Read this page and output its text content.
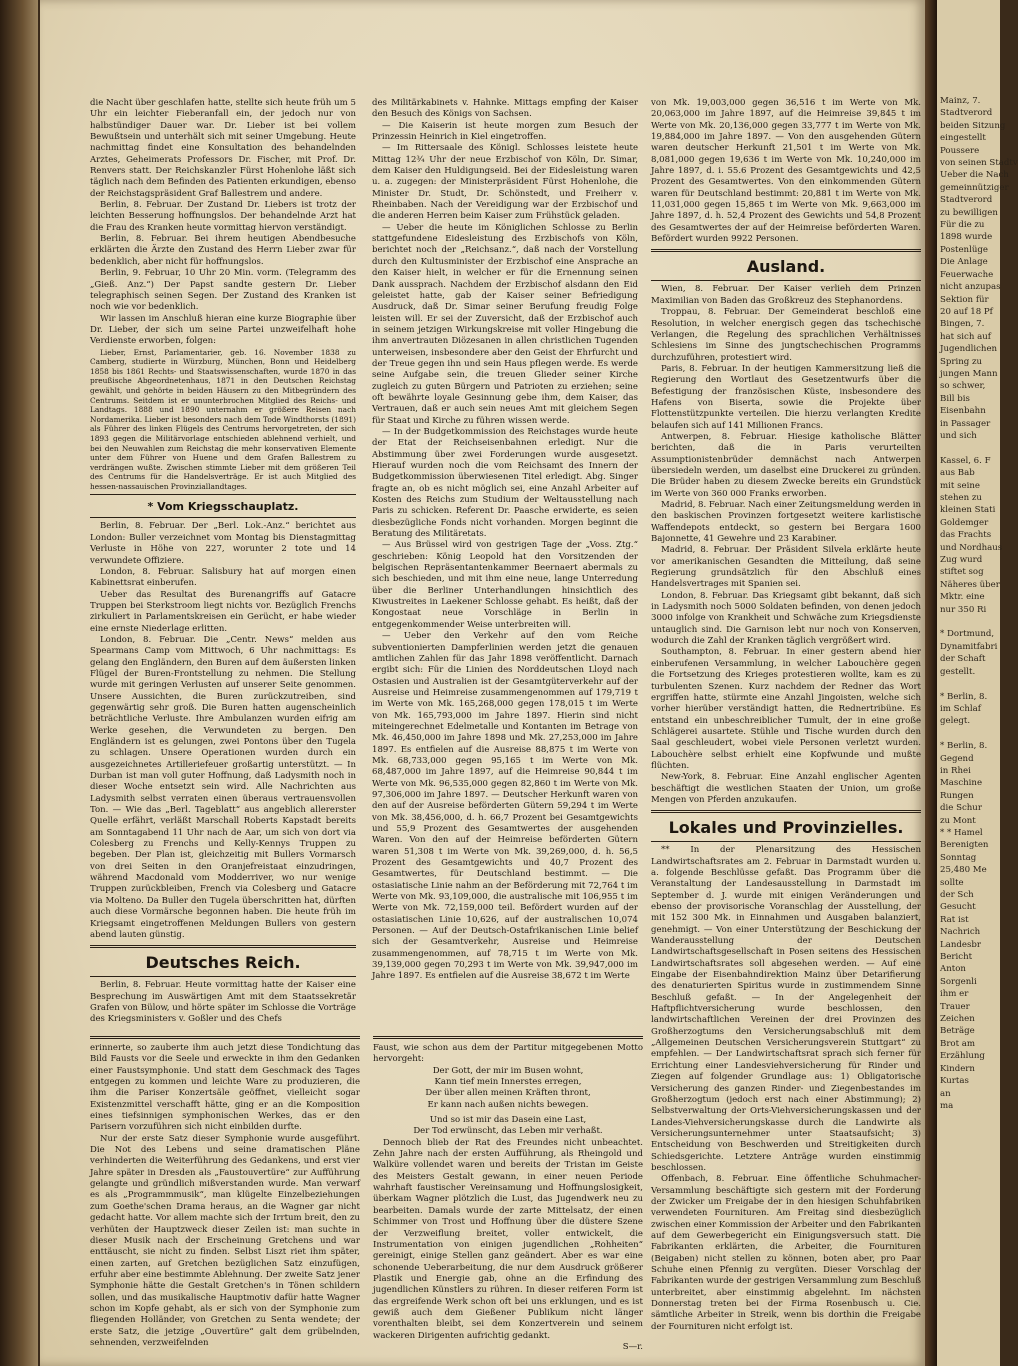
die Nacht über geschlafen hatte, stellte sich heute früh um 5 Uhr ein leichter Fieberanfall ein, der jedoch nur von halbstündiger Dauer war. Dr. Lieber ist bei vollem Bewußtsein und unterhält sich mit seiner Umgebung. Heute nachmittag findet eine Konsultation des behandelnden Arztes, Geheimerats Professors Dr. Fischer, mit Prof. Dr. Renvers statt. Der Reichskanzler Fürst Hohenlohe läßt sich täglich nach dem Befinden des Patienten erkundigen, ebenso der Reichstagspräsident Graf Ballestrem und andere.

Berlin, 8. Februar. Der Zustand Dr. Liebers ist trotz der leichten Besserung hoffnungslos. Der behandelnde Arzt hat die Frau des Kranken heute vormittag hiervon verständigt.

Berlin, 8. Februar. Bei ihrem heutigen Abendbesuche erklärten die Ärzte den Zustand des Herrn Lieber zwar für bedenklich, aber nicht für hoffnungslos.

Berlin, 9. Februar, 10 Uhr 20 Min. vorm. (Telegramm des „Gieß. Anz.“) Der Papst sandte gestern Dr. Lieber telegraphisch seinen Segen. Der Zustand des Kranken ist noch wie vor bedenklich.

Wir lassen im Anschluß hieran eine kurze Biographie über Dr. Lieber, der sich um seine Partei unzweifelhaft hohe Verdienste erworben, folgen:

Lieber, Ernst, Parlamentarier, geb. 16. November 1838 zu Camberg, studierte in Würzburg, München, Bonn und Heidelberg 1858 bis 1861 Rechts- und Staatswissenschaften, wurde 1870 in das preußische Abgeordnetenhaus, 1871 in den Deutschen Reichstag gewählt, und gehörte in beiden Häusern zu den Mitbegründern des Centrums. Seitdem ist er ununterbrochen Mitglied des Reichs- und Landtags. 1888 und 1890 unternahm er größere Reisen nach Nordamerika. Lieber ist besonders nach dem Tode Windthorsts (1891) als Führer des linken Flügels des Centrums hervorgetreten, der sich 1893 gegen die Militärvorlage entschieden ablehnend verhielt, und bei den Neuwahlen zum Reichstag die mehr konservativen Elemente unter dem Führer von Huene und dem Grafen Ballestrem zu verdrängen wußte. Zwischen stimmte Lieber mit dem größeren Teil des Centrums für die Handelsverträge. Er ist auch Mitglied des hessen-nassauischen Provinziallandtages.

* Vom Kriegsschauplatz.

Berlin, 8. Februar. Der „Berl. Lok.-Anz.“ berichtet aus London: Buller verzeichnet vom Montag bis Dienstagmittag Verluste in Höhe von 227, worunter 2 tote und 14 verwundete Offiziere.

London, 8. Februar. Salisbury hat auf morgen einen Kabinettsrat einberufen.

Ueber das Resultat des Burenangriffs auf Gatacre Truppen bei Sterkstroom liegt nichts vor. Bezüglich Frenchs zirkuliert in Parlamentskreisen ein Gerücht, er habe wieder eine ernste Niederlage erlitten.

London, 8. Februar. Die „Centr. News“ melden aus Spearmans Camp vom Mittwoch, 6 Uhr nachmittags: Es gelang den Engländern, den Buren auf dem äußersten linken Flügel der Buren-Frontstellung zu nehmen. Die Stellung wurde mit geringen Verlusten auf unserer Seite genommen. Unsere Aussichten, die Buren zurückzutreiben, sind gegenwärtig sehr groß. Die Buren hatten augenscheinlich beträchtliche Verluste. Ihre Ambulanzen wurden eifrig am Werke gesehen, die Verwundeten zu bergen. Den Engländern ist es gelungen, zwei Pontons über den Tugela zu schlagen. Unsere Operationen wurden durch ein ausgezeichnetes Artilleriefeuer großartig unterstützt. — In Durban ist man voll guter Hoffnung, daß Ladysmith noch in dieser Woche entsetzt sein wird. Alle Nachrichten aus Ladysmith selbst verraten einen überaus vertrauensvollen Ton. — Wie das „Berl. Tageblatt“ aus angeblich allererster Quelle erfährt, verläßt Marschall Roberts Kapstadt bereits am Sonntagabend 11 Uhr nach de Aar, um sich von dort via Colesberg zu Frenchs und Kelly-Kennys Truppen zu begeben. Der Plan ist, gleichzeitig mit Bullers Vormarsch von drei Seiten in den Oranjefreistaat einzudringen, während Macdonald vom Modderriver, wo nur wenige Truppen zurückbleiben, French via Colesberg und Gatacre via Molteno. Da Buller den Tugela überschritten hat, dürften auch diese Vormärsche begonnen haben. Die heute früh im Kriegsamt eingetroffenen Meldungen Bullers von gestern abend lauten günstig.

Deutsches Reich.

Berlin, 8. Februar. Heute vormittag hatte der Kaiser eine Besprechung im Auswärtigen Amt mit dem Staatssekretär Grafen von Bülow, und hörte später im Schlosse die Vorträge des Kriegsministers v. Goßler und des Chefs

des Militärkabinets v. Hahnke. Mittags empfing der Kaiser den Besuch des Königs von Sachsen.

— Die Kaiserin ist heute morgen zum Besuch der Prinzessin Heinrich in Kiel eingetroffen.

— Im Rittersaale des Königl. Schlosses leistete heute Mittag 12¾ Uhr der neue Erzbischof von Köln, Dr. Simar, dem Kaiser den Huldigungseid. Bei der Eidesleistung waren u. a. zugegen: der Ministerpräsident Fürst Hohenlohe, die Minister Dr. Studt, Dr. Schönstedt, und Freiherr v. Rheinbaben. Nach der Vereidigung war der Erzbischof und die anderen Herren beim Kaiser zum Frühstück geladen.

— Ueber die heute im Königlichen Schlosse zu Berlin stattgefundene Eidesleistung des Erzbischofs von Köln, berichtet noch der „Reichsanz.“, daß nach der Vorstellung durch den Kultusminister der Erzbischof eine Ansprache an den Kaiser hielt, in welcher er für die Ernennung seinen Dank aussprach. Nachdem der Erzbischof alsdann den Eid geleistet hatte, gab der Kaiser seiner Befriedigung Ausdruck, daß Dr. Simar seiner Berufung freudig Folge leisten will. Er sei der Zuversicht, daß der Erzbischof auch in seinem jetzigen Wirkungskreise mit voller Hingebung die ihm anvertrauten Diözesanen in allen christlichen Tugenden unterweisen, insbesondere aber den Geist der Ehrfurcht und der Treue gegen ihn und sein Haus pflegen werde. Es werde seine Aufgabe sein, die treuen Glieder seiner Kirche zugleich zu guten Bürgern und Patrioten zu erziehen; seine oft bewährte loyale Gesinnung gebe ihm, dem Kaiser, das Vertrauen, daß er auch sein neues Amt mit gleichem Segen für Staat und Kirche zu führen wissen werde.

— In der Budgetkommission des Reichstages wurde heute der Etat der Reichseisenbahnen erledigt. Nur die Abstimmung über zwei Forderungen wurde ausgesetzt. Hierauf wurden noch die vom Reichsamt des Innern der Budgetkommission überwiesenen Titel erledigt. Abg. Singer fragte an, ob es nicht möglich sei, eine Anzahl Arbeiter auf Kosten des Reichs zum Studium der Weltausstellung nach Paris zu schicken. Referent Dr. Paasche erwiderte, es seien diesbezügliche Fonds nicht vorhanden. Morgen beginnt die Beratung des Militäretats.

— Aus Brüssel wird von gestrigen Tage der „Voss. Ztg.“ geschrieben: König Leopold hat den Vorsitzenden der belgischen Repräsentantenkammer Beernaert abermals zu sich beschieden, und mit ihm eine neue, lange Unterredung über die Berliner Unterhandlungen hinsichtlich des Kiwustreites in Laekener Schlosse gehabt. Es heißt, daß der Kongostaat neue Vorschläge in Berlin in entgegenkommender Weise unterbreiten will.

— Ueber den Verkehr auf den vom Reiche subventionierten Dampferlinien werden jetzt die genauen amtlichen Zahlen für das Jahr 1898 veröffentlicht. Darnach ergibt sich: Für die Linien des Norddeutschen Lloyd nach Ostasien und Australien ist der Gesamtgüterverkehr auf der Ausreise und Heimreise zusammengenommen auf 179,719 t im Werte von Mk. 165,268,000 gegen 178,015 t im Werte von Mk. 165,793,000 im Jahre 1897. Hierin sind nicht miteingerechnet Edelmetalle und Kontanten im Betrage von Mk. 46,450,000 im Jahre 1898 und Mk. 27,253,000 im Jahre 1897. Es entfielen auf die Ausreise 88,875 t im Werte von Mk. 68,733,000 gegen 95,165 t im Werte von Mk. 68,487,000 im Jahre 1897, auf die Heimreise 90,844 t im Werte von Mk. 96,535,000 gegen 82,860 t im Werte von Mk. 97,306,000 im Jahre 1897. — Deutscher Herkunft waren von den auf der Ausreise beförderten Gütern 59,294 t im Werte von Mk. 38,456,000, d. h. 66,7 Prozent bei Gesamtgewichts und 55,9 Prozent des Gesamtwertes der ausgehenden Waren. Von den auf der Heimreise beförderten Gütern waren 51,308 t im Werte von Mk. 39,269,000, d. h. 56,5 Prozent des Gesamtgewichts und 40,7 Prozent des Gesamtwertes, für Deutschland bestimmt. — Die ostasiatische Linie nahm an der Beförderung mit 72,764 t im Werte von Mk. 93,109,000, die australische mit 106,955 t im Werte von Mk. 72,159,000 teil. Befördert wurden auf der ostasiatischen Linie 10,626, auf der australischen 10,074 Personen. — Auf der Deutsch-Ostafrikanischen Linie belief sich der Gesamtverkehr, Ausreise und Heimreise zusammengenommen, auf 78,715 t im Werte von Mk. 39,139,000 gegen 70,293 t im Werte von Mk. 39,947,000 im Jahre 1897. Es entfielen auf die Ausreise 38,672 t im Werte

von Mk. 19,003,000 gegen 36,516 t im Werte von Mk. 20,063,000 im Jahre 1897, auf die Heimreise 39,845 t im Werte von Mk. 20,136,000 gegen 33,777 t im Werte von Mk. 19,884,000 im Jahre 1897. — Von den ausgehenden Gütern waren deutscher Herkunft 21,501 t im Werte von Mk. 8,081,000 gegen 19,636 t im Werte von Mk. 10,240,000 im Jahre 1897, d. i. 55.6 Prozent des Gesamtgewichts und 42,5 Prozent des Gesamtwertes. Von den einkommenden Gütern waren für Deutschland bestimmt: 20,881 t im Werte von Mk. 11,031,000 gegen 15,865 t im Werte von Mk. 9,663,000 im Jahre 1897, d. h. 52,4 Prozent des Gewichts und 54,8 Prozent des Gesamtwertes der auf der Heimreise beförderten Waren. Befördert wurden 9922 Personen.

Ausland.

Wien, 8. Februar. Der Kaiser verlieh dem Prinzen Maximilian von Baden das Großkreuz des Stephanordens.

Troppau, 8. Februar. Der Gemeinderat beschloß eine Resolution, in welcher energisch gegen das tschechische Verlangen, die Regelung des sprachlichen Verhältnisses Schlesiens im Sinne des jungtschechischen Programms durchzuführen, protestiert wird.

Paris, 8. Februar. In der heutigen Kammersitzung ließ die Regierung den Wortlaut des Gesetzentwurfs über die Befestigung der französischen Küste, insbesondere des Hafens von Biserta, sowie die Projekte über Flottenstützpunkte verteilen. Die hierzu verlangten Kredite belaufen sich auf 141 Millionen Francs.

Antwerpen, 8. Februar. Hiesige katholische Blätter berichten, daß die in Paris verurteilten Assumptionistenbrüder demnächst nach Antwerpen übersiedeln werden, um daselbst eine Druckerei zu gründen. Die Brüder haben zu diesem Zwecke bereits ein Grundstück im Werte von 360 000 Franks erworben.

Madrid, 8. Februar. Nach einer Zeitungsmeldung werden in den baskischen Provinzen fortgesetzt weitere karlistische Waffendepots entdeckt, so gestern bei Bergara 1600 Bajonnette, 41 Gewehre und 23 Karabiner.

Madrid, 8. Februar. Der Präsident Silvela erklärte heute vor amerikanischen Gesandten die Mitteilung, daß seine Regierung grundsätzlich für den Abschluß eines Handelsvertrages mit Spanien sei.

London, 8. Februar. Das Kriegsamt gibt bekannt, daß sich in Ladysmith noch 5000 Soldaten befinden, von denen jedoch 3000 infolge von Krankheit und Schwäche zum Kriegsdienste untauglich sind. Die Garnison lebt nur noch von Konserven, wodurch die Zahl der Kranken täglich vergrößert wird.

Southampton, 8. Februar. In einer gestern abend hier einberufenen Versammlung, in welcher Labouchère gegen die Fortsetzung des Krieges protestieren wollte, kam es zu turbulenten Szenen. Kurz nachdem der Redner das Wort ergriffen hatte, stürmte eine Anzahl Jingoisten, welche sich vorher hierüber verständigt hatten, die Rednertribüne. Es entstand ein unbeschreiblicher Tumult, der in eine große Schlägerei ausartete. Stühle und Tische wurden durch den Saal geschleudert, wobei viele Personen verletzt wurden. Labouchère selbst erhielt eine Kopfwunde und mußte flüchten.

New-York, 8. Februar. Eine Anzahl englischer Agenten beschäftigt die westlichen Staaten der Union, um große Mengen von Pferden anzukaufen.

Lokales und Provinzielles.

** In der Plenarsitzung des Hessischen Landwirtschaftsrates am 2. Februar in Darmstadt wurden u. a. folgende Beschlüsse gefaßt. Das Programm über die Veranstaltung der Landesausstellung in Darmstadt im September d. J. wurde mit einigen Veränderungen und ebenso der provisorische Voranschlag der Ausstellung, der mit 152 300 Mk. in Einnahmen und Ausgaben balanziert, genehmigt. — Von einer Unterstützung der Beschickung der Wanderausstellung der Deutschen Landwirtschaftsgesellschaft in Posen seitens des Hessischen Landwirtschaftsrates soll abgesehen werden. — Auf eine Eingabe der Eisenbahndirektion Mainz über Detarifierung des denaturierten Spiritus wurde in zustimmendem Sinne Beschluß gefaßt. — In der Angelegenheit der Haftpflichtversicherung wurde beschlossen, den landwirtschaftlichen Vereinen der drei Provinzen des Großherzogtums den Versicherungsabschluß mit dem „Allgemeinen Deutschen Versicherungsverein Stuttgart“ zu empfehlen. — Der Landwirtschaftsrat sprach sich ferner für Errichtung einer Landesviehversicherung für Rinder und Ziegen auf folgender Grundlage aus: 1) Obligatorische Versicherung des ganzen Rinder- und Ziegenbestandes im Großherzogtum (jedoch erst nach einer Abstimmung); 2) Selbstverwaltung der Orts-Viehversicherungskassen und der Landes-Viehversicherungskasse durch die Landwirte als Versicherungsunternehmer unter Staatsaufsicht; 3) Entscheidung von Beschwerden und Streitigkeiten durch Schiedsgerichte. Letztere Anträge wurden einstimmig beschlossen.

Offenbach, 8. Februar. Eine öffentliche Schuhmacher-Versammlung beschäftigte sich gestern mit der Forderung der Zwicker um Freigabe der in den hiesigen Schuhfabriken verwendeten Fournituren. Am Freitag sind diesbezüglich zwischen einer Kommission der Arbeiter und den Fabrikanten auf dem Gewerbegericht ein Einigungsversuch statt. Die Fabrikanten erklärten, die Arbeiter, die Fournituren (Beigaben) nicht stellen zu können, boten aber, pro Paar Schuhe einen Pfennig zu vergüten. Dieser Vorschlag der Fabrikanten wurde der gestrigen Versammlung zum Beschluß unterbreitet, aber einstimmig abgelehnt. Im nächsten Donnerstag treten bei der Firma Rosenbusch u. Cie. sämtliche Arbeiter in Streik, wenn bis dorthin die Freigabe der Fournituren nicht erfolgt ist.

erinnerte, so zauberte ihm auch jetzt diese Tondichtung das Bild Fausts vor die Seele und erweckte in ihm den Gedanken einer Faustsymphonie. Und statt dem Geschmack des Tages entgegen zu kommen und leichte Ware zu produzieren, die ihm die Pariser Konzertsäle geöffnet, vielleicht sogar Existenzmittel verschafft hätte, ging er an die Komposition eines tiefsinnigen symphonischen Werkes, das er den Parisern vorzuführen sich nicht einbilden durfte.

Nur der erste Satz dieser Symphonie wurde ausgeführt. Die Not des Lebens und seine dramatischen Pläne verhinderten die Weiterführung des Gedankens, und erst vier Jahre später in Dresden als „Faustouvertüre“ zur Aufführung gelangte und gründlich mißverstanden wurde. Man verwarf es als „Programmmusik“, man klügelte Einzelbeziehungen zum Goethe'schen Drama heraus, an die Wagner gar nicht gedacht hatte. Vor allem machte sich der Irrtum breit, den zu verhüten der Hauptzweck dieser Zeilen ist: man suchte in dieser Musik nach der Erscheinung Gretchens und war enttäuscht, sie nicht zu finden. Selbst Liszt riet ihm später, einen zarten, auf Gretchen bezüglichen Satz einzufügen, erfuhr aber eine bestimmte Ablehnung. Der zweite Satz jener Symphonie hätte die Gestalt Gretchen's in Tönen schildern sollen, und das musikalische Hauptmotiv dafür hatte Wagner schon im Kopfe gehabt, als er sich von der Symphonie zum fliegenden Holländer, von Gretchen zu Senta wendete; der erste Satz, die jetzige „Ouvertüre“ galt dem grübelnden, sehnenden, verzweifelnden

Faust, wie schon aus dem der Partitur mitgegebenen Motto hervorgeht:

Der Gott, der mir im Busen wohnt,

Kann tief mein Innerstes erregen,

Der über allen meinen Kräften thront,

Er kann nach außen nichts bewegen.

Und so ist mir das Dasein eine Last,

Der Tod erwünscht, das Leben mir verhaßt.

Dennoch blieb der Rat des Freundes nicht unbeachtet. Zehn Jahre nach der ersten Aufführung, als Rheingold und Walküre vollendet waren und bereits der Tristan im Geiste des Meisters Gestalt gewann, in einer neuen Periode wahrhaft faustischer Vereinsamung und Hoffnungslosigkeit, überkam Wagner plötzlich die Lust, das Jugendwerk neu zu bearbeiten. Damals wurde der zarte Mittelsatz, der einen Schimmer von Trost und Hoffnung über die düstere Szene der Verzweiflung breitet, voller entwickelt, die Instrumentation von einigen jugendlichen „Rohheiten“ gereinigt, einige Stellen ganz geändert. Aber es war eine schonende Ueberarbeitung, die nur dem Ausdruck größerer Plastik und Energie gab, ohne an die Erfindung des jugendlichen Künstlers zu rühren. In dieser reiferen Form ist das ergreifende Werk schon oft bei uns erklungen, und es ist gewiß auch dem Gießener Publikum nicht länger vorenthalten bleibt, sei dem Konzertverein und seinem wackeren Dirigenten aufrichtig gedankt.

S—r.

Mainz, 7.
Stadtverord
beiden Sitzung
eingestellt
Poussere
von seinen Stadtv
Ueber die Nach
gemeinnütziger
Stadtverord
zu bewilligen
Für die zu
1898 wurde
Postenlüge
Die Anlage
Feuerwache
nicht anzupas
Sektion für
20 auf 18 Pf
Bingen, 7.
hat sich auf
Jugendlichen
Spring zu
jungen Mann
so schwer,
Bill bis
Eisenbahn
in Passager
und sich

Kassel, 6. F
aus Bab
mit seine
stehen zu
kleinen Stati
Goldemger
das Frachts
und Nordhaus
Zug wurd
stiftet sog
Näheres über
Mktr. eine
nur 350 Ri

* Dortmund,
Dynamitfabri
der Schaft
gestellt.

* Berlin, 8.
im Schlaf
gelegt.

* Berlin, 8.
Gegend
in Rhei
Maschine
Rungen
die Schur
zu Mont
* * Hamel
Berenigten
Sonntag
25,480 Me
sollte
der Sch
Gesucht
Rat ist
Nachrich
Landesbr
Bericht
Anton
Sorgenli
ihm er
Trauer
Zeichen
Beträge
Brot am
Erzählung
Kindern
Kurtas
an
ma
